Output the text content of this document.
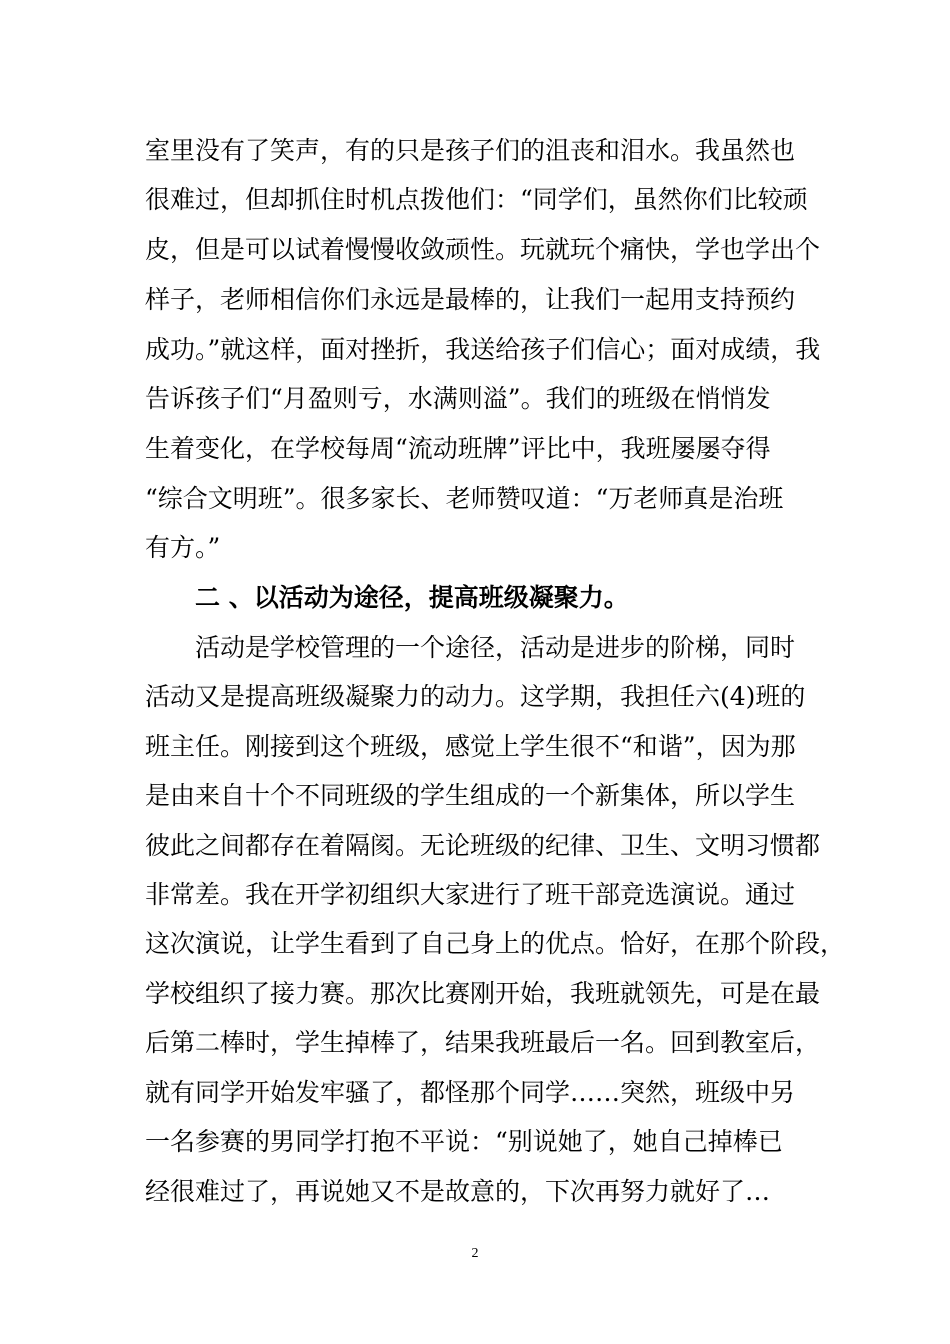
室里没有了笑声，有的只是孩子们的沮丧和泪水。我虽然也
很难过，但却抓住时机点拨他们：“同学们，虽然你们比较顽
皮，但是可以试着慢慢收敛顽性。玩就玩个痛快，学也学出个
样子，老师相信你们永远是最棒的，让我们一起用支持预约
成功。”就这样，面对挫折，我送给孩子们信心；面对成绩，我
告诉孩子们“月盈则亏，水满则溢”。我们的班级在悄悄发
生着变化，在学校每周“流动班牌”评比中，我班屡屡夺得
“综合文明班”。很多家长、老师赞叹道：“万老师真是治班
有方。”
二 、以活动为途径，提高班级凝聚力。
活动是学校管理的一个途径，活动是进步的阶梯，同时
活动又是提高班级凝聚力的动力。这学期，我担任六(4)班的
班主任。刚接到这个班级，感觉上学生很不“和谐”，因为那
是由来自十个不同班级的学生组成的一个新集体，所以学生
彼此之间都存在着隔阂。无论班级的纪律、卫生、文明习惯都
非常差。我在开学初组织大家进行了班干部竞选演说。通过
这次演说，让学生看到了自己身上的优点。恰好，在那个阶段，
学校组织了接力赛。那次比赛刚开始，我班就领先，可是在最
后第二棒时，学生掉棒了，结果我班最后一名。回到教室后，
就有同学开始发牢骚了，都怪那个同学……突然，班级中另
一名参赛的男同学打抱不平说：“别说她了，她自己掉棒已
经很难过了，再说她又不是故意的，下次再努力就好了…
2
